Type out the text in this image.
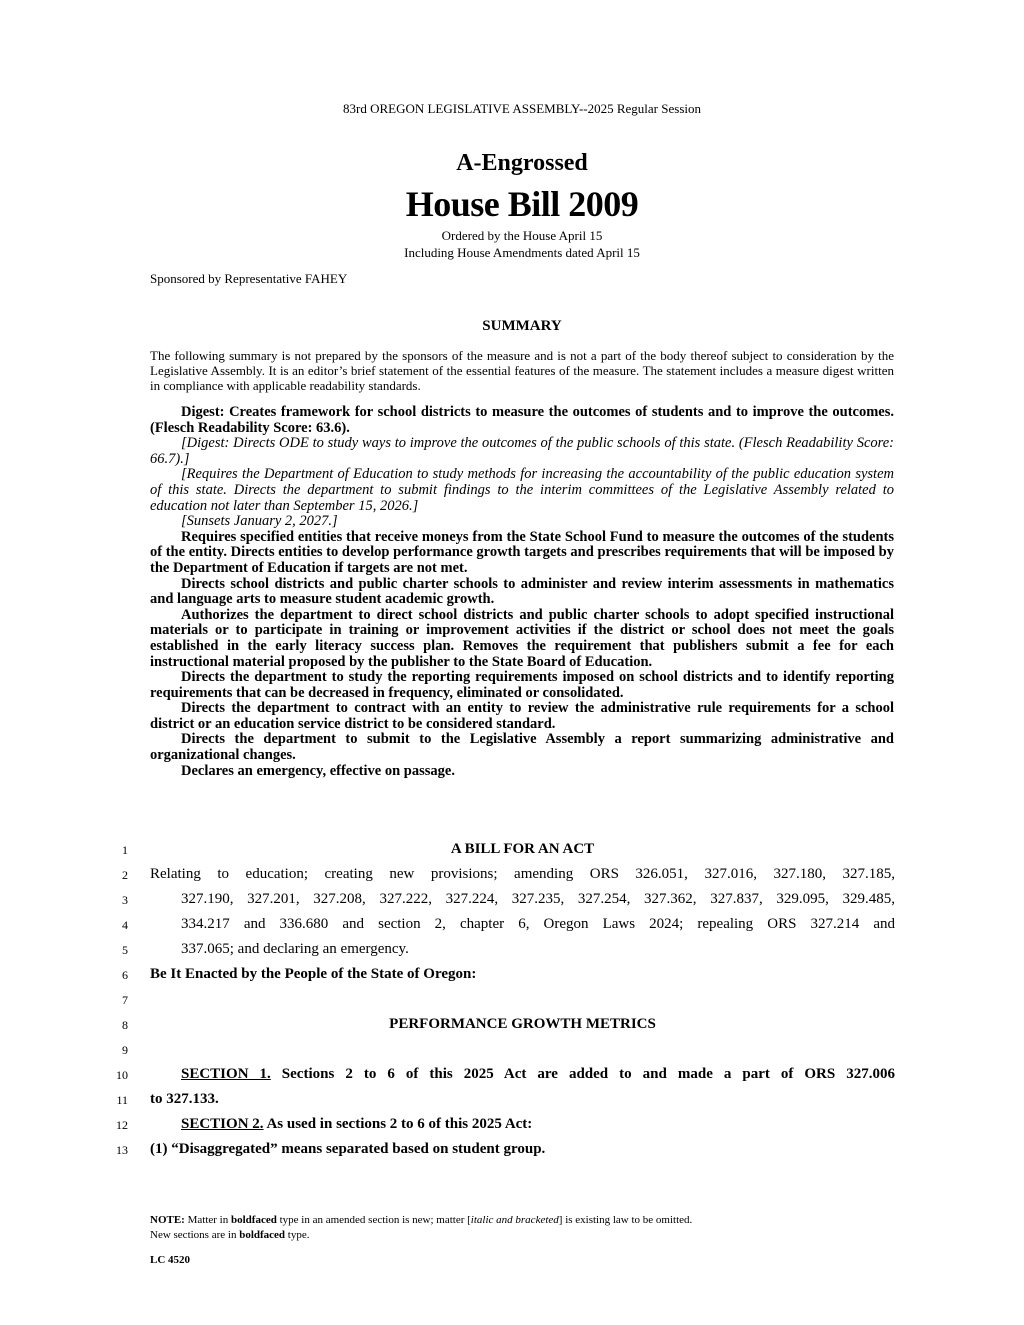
83rd OREGON LEGISLATIVE ASSEMBLY--2025 Regular Session
A-Engrossed
House Bill 2009
Ordered by the House April 15
Including House Amendments dated April 15
Sponsored by Representative FAHEY
SUMMARY
The following summary is not prepared by the sponsors of the measure and is not a part of the body thereof subject to consideration by the Legislative Assembly. It is an editor’s brief statement of the essential features of the measure. The statement includes a measure digest written in compliance with applicable readability standards.

Digest: Creates framework for school districts to measure the outcomes of students and to improve the outcomes. (Flesch Readability Score: 63.6).

[Digest: Directs ODE to study ways to improve the outcomes of the public schools of this state. (Flesch Readability Score: 66.7).]

[Requires the Department of Education to study methods for increasing the accountability of the public education system of this state. Directs the department to submit findings to the interim committees of the Legislative Assembly related to education not later than September 15, 2026.]

[Sunsets January 2, 2027.]

Requires specified entities that receive moneys from the State School Fund to measure the outcomes of the students of the entity. Directs entities to develop performance growth targets and prescribes requirements that will be imposed by the Department of Education if targets are not met.

Directs school districts and public charter schools to administer and review interim assessments in mathematics and language arts to measure student academic growth.

Authorizes the department to direct school districts and public charter schools to adopt specified instructional materials or to participate in training or improvement activities if the district or school does not meet the goals established in the early literacy success plan. Removes the requirement that publishers submit a fee for each instructional material proposed by the publisher to the State Board of Education.

Directs the department to study the reporting requirements imposed on school districts and to identify reporting requirements that can be decreased in frequency, eliminated or consolidated.

Directs the department to contract with an entity to review the administrative rule requirements for a school district or an education service district to be considered standard.

Directs the department to submit to the Legislative Assembly a report summarizing administrative and organizational changes.

Declares an emergency, effective on passage.

1	A BILL FOR AN ACT
2 Relating to education; creating new provisions; amending ORS 326.051, 327.016, 327.180, 327.185,
3	327.190, 327.201, 327.208, 327.222, 327.224, 327.235, 327.254, 327.362, 327.837, 329.095, 329.485,
4	334.217 and 336.680 and section 2, chapter 6, Oregon Laws 2024; repealing ORS 327.214 and
5	337.065; and declaring an emergency.
6 Be It Enacted by the People of the State of Oregon:
7
8	PERFORMANCE GROWTH METRICS
9
10	SECTION 1. Sections 2 to 6 of this 2025 Act are added to and made a part of ORS 327.006
11 to 327.133.
12	SECTION 2. As used in sections 2 to 6 of this 2025 Act:
13 (1) “Disaggregated” means separated based on student group.
NOTE: Matter in boldfaced type in an amended section is new; matter [italic and bracketed] is existing law to be omitted.
New sections are in boldfaced type.
LC 4520
